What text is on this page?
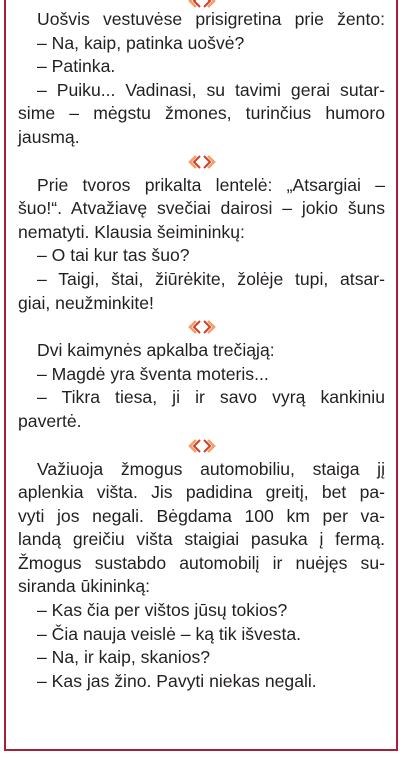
Uošvis vestuvėse prisigretina prie žento:
– Na, kaip, patinka uošvė?
– Patinka.
– Puiku... Vadinasi, su tavimi gerai sutar-
sime – mėgstu žmones, turinčius humoro
jausmą.
Prie tvoros prikalta lentelė: „Atsargiai –
šuo!“. Atvažiavę svečiai dairosi – jokio šuns
nematyti. Klausia šeimininkų:
– O tai kur tas šuo?
– Taigi, štai, žiūrėkite, žolėje tupi, atsar-
giai, neužminkite!
Dvi kaimynės apkalba trečiąją:
– Magdė yra šventa moteris...
– Tikra tiesa, ji ir savo vyrą kankiniu
pavertė.
Važiuoja žmogus automobiliu, staiga jį
aplenkia vištа. Jis padidina greitį, bet pa-
vyti jos negali. Bėgdama 100 km per va-
landą greičiu vištа staigiai pasuka į fermą.
Žmogus sustabdo automobilį ir nuėjęs su-
siranda ūkininką:
– Kas čia per vištos jūsų tokios?
– Čia nauja veislė – ką tik išvesta.
– Na, ir kaip, skanios?
– Kas jas žino. Pavyti niekas negali.
